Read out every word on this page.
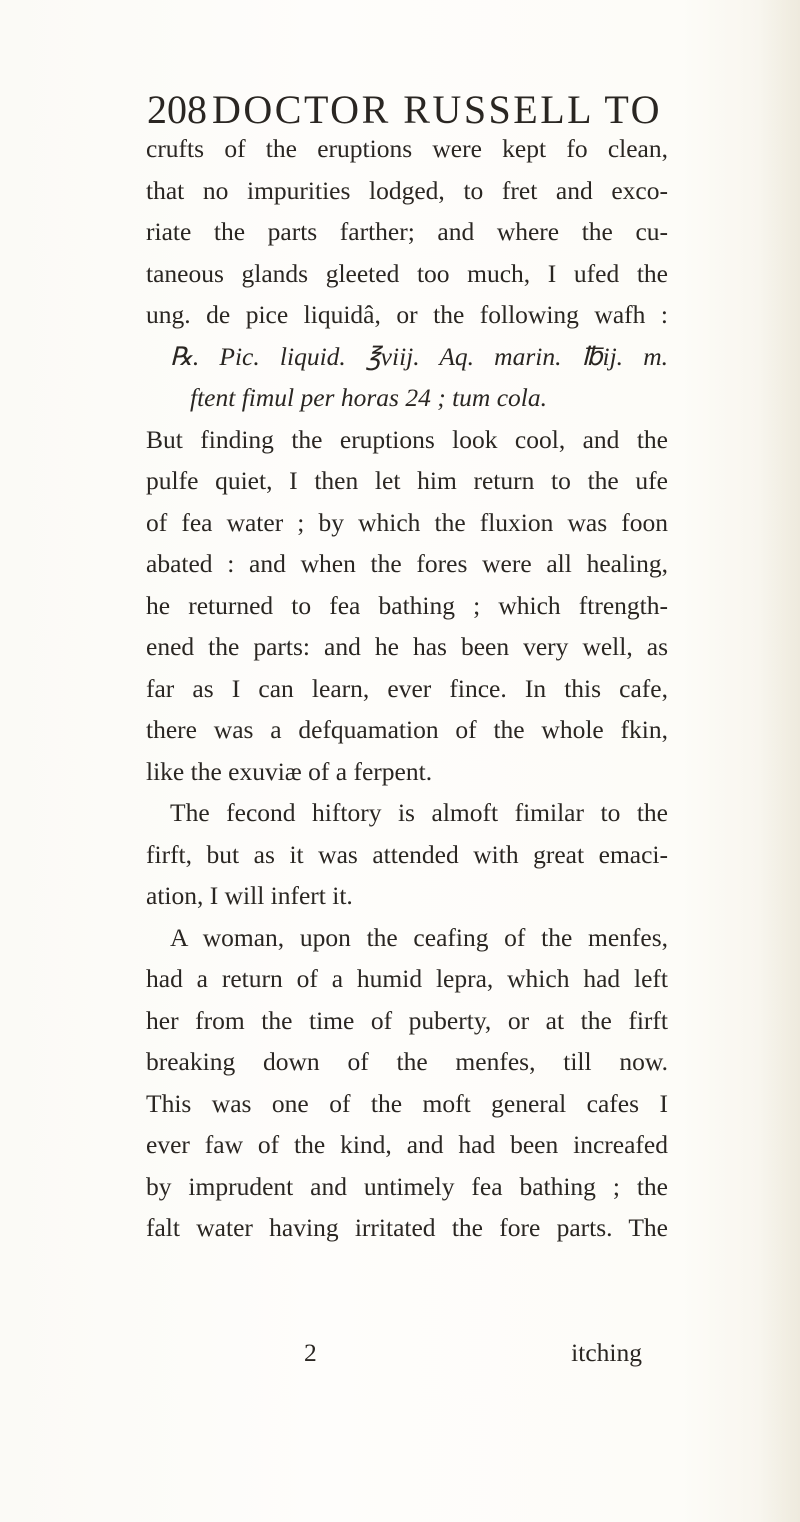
208 DOCTOR RUSSELL TO
crufts of the eruptions were kept fo clean,
that no impurities lodged, to fret and exco-
riate the parts farther; and where the cu-
taneous glands gleeted too much, I ufed the
ung. de pice liquidâ, or the following wafh :
℞. Pic. liquid. ℥viij. Aq. marin. ℔ij. m.
ftent fimul per horas 24 ; tum cola.
But finding the eruptions look cool, and the
pulfe quiet, I then let him return to the ufe
of fea water ; by which the fluxion was foon
abated : and when the fores were all healing,
he returned to fea bathing ; which ftrength-
ened the parts: and he has been very well, as
far as I can learn, ever fince. In this cafe,
there was a defquamation of the whole fkin,
like the exuviæ of a ferpent.
The fecond hiftory is almoft fimilar to the
firft, but as it was attended with great emaci-
ation, I will infert it.
A woman, upon the ceafing of the menfes,
had a return of a humid lepra, which had left
her from the time of puberty, or at the firft
breaking down of the menfes, till now.
This was one of the moft general cafes I
ever faw of the kind, and had been increafed
by imprudent and untimely fea bathing ; the
falt water having irritated the fore parts. The
2	itching
